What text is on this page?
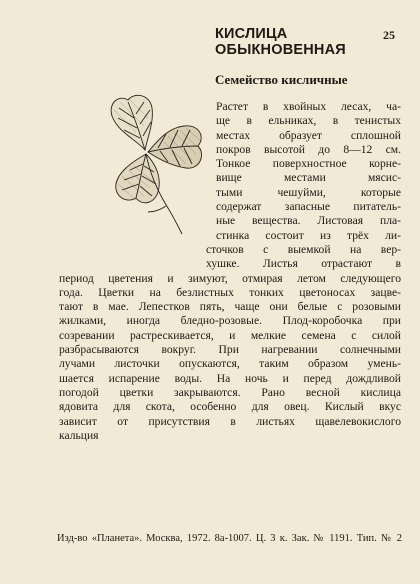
КИСЛИЦА
ОБЫКНОВЕННАЯ
25
Семейство кисличные
Растет в хвойных лесах, ча-
ще в ельниках, в тенистых
местах образует сплошной
покров высотой до 8—12 см.
Тонкое поверхностное корне-
вище местами мясис-
тыми чешуйми, которые
содержат запасные питатель-
ные вещества. Листовая пла-
стинка состоит из трёх ли-
сточков с выемкой на вер-
хушке. Листья отрастают в
период цветения и зимуют, отмирая летом следующего
года. Цветки на безлистных тонких цветоносах зацве-
тают в мае. Лепестков пять, чаще они белые с розовыми
жилками, иногда бледно-розовые. Плод-коробочка при
созревании растрескивается, и мелкие семена с силой
разбрасываются вокруг. При нагревании солнечными
лучами листочки опускаются, таким образом умень-
шается испарение воды. На ночь и перед дождливой
погодой цветки закрываются. Рано весной кислица
ядовита для скота, особенно для овец. Кислый вкус
зависит от присутствия в листьях щавелевокислого
кальция
Изд-во «Планета». Москва, 1972. 8а-1007. Ц. 3 к. Зак. № 1191. Тип. № 2
